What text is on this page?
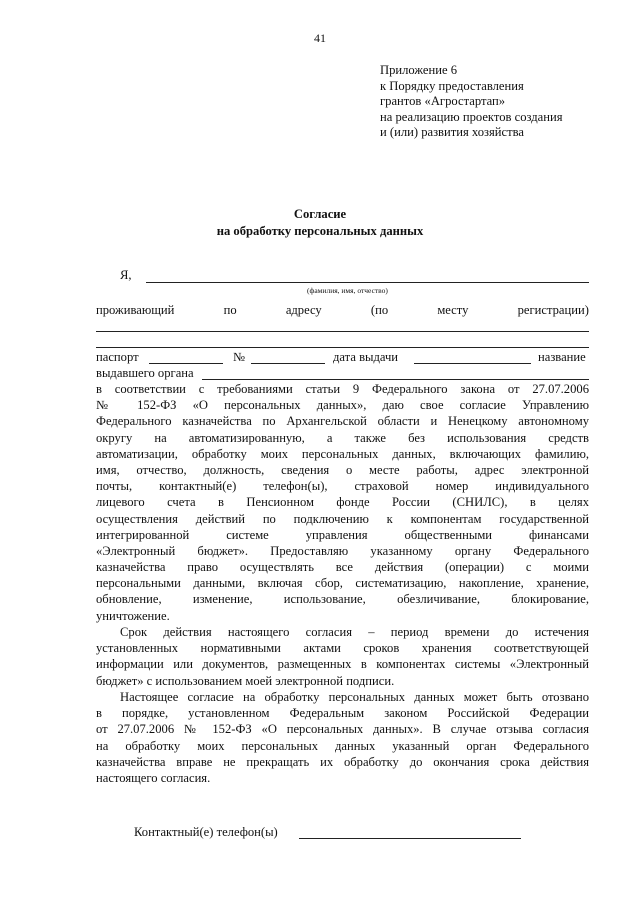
41
Приложение 6
к Порядку предоставления
грантов «Агростартап»
на реализацию проектов создания
и (или) развития хозяйства
Согласие
на обработку персональных данных
Я,
(фамилия, имя, отчество)
проживающий	по	адресу	(по	месту	регистрации)
паспорт	№	дата выдачи	название
выдавшего органа
в соответствии с требованиями статьи 9 Федерального закона от 27.07.2006
№ 152-ФЗ «О персональных данных», даю свое согласие Управлению
Федерального казначейства по Архангельской области и Ненецкому автономному
округу на автоматизированную, а также без использования средств
автоматизации, обработку моих персональных данных, включающих фамилию,
имя, отчество, должность, сведения о месте работы, адрес электронной
почты, контактный(е) телефон(ы), страховой номер индивидуального
лицевого счета в Пенсионном фонде России (СНИЛС), в целях
осуществления действий по подключению к компонентам государственной
интегрированной системе управления общественными финансами
«Электронный бюджет». Предоставляю указанному органу Федерального
казначейства право осуществлять все действия (операции) с моими
персональными данными, включая сбор, систематизацию, накопление, хранение,
обновление, изменение, использование, обезличивание, блокирование,
уничтожение.
Срок действия настоящего согласия – период времени до истечения
установленных нормативными актами сроков хранения соответствующей
информации или документов, размещенных в компонентах системы «Электронный
бюджет» с использованием моей электронной подписи.
Настоящее согласие на обработку персональных данных может быть отозвано
в порядке, установленном Федеральным законом Российской Федерации
от 27.07.2006 № 152-ФЗ «О персональных данных». В случае отзыва согласия
на обработку моих персональных данных указанный орган Федерального
казначейства вправе не прекращать их обработку до окончания срока действия
настоящего согласия.
Контактный(е) телефон(ы)
